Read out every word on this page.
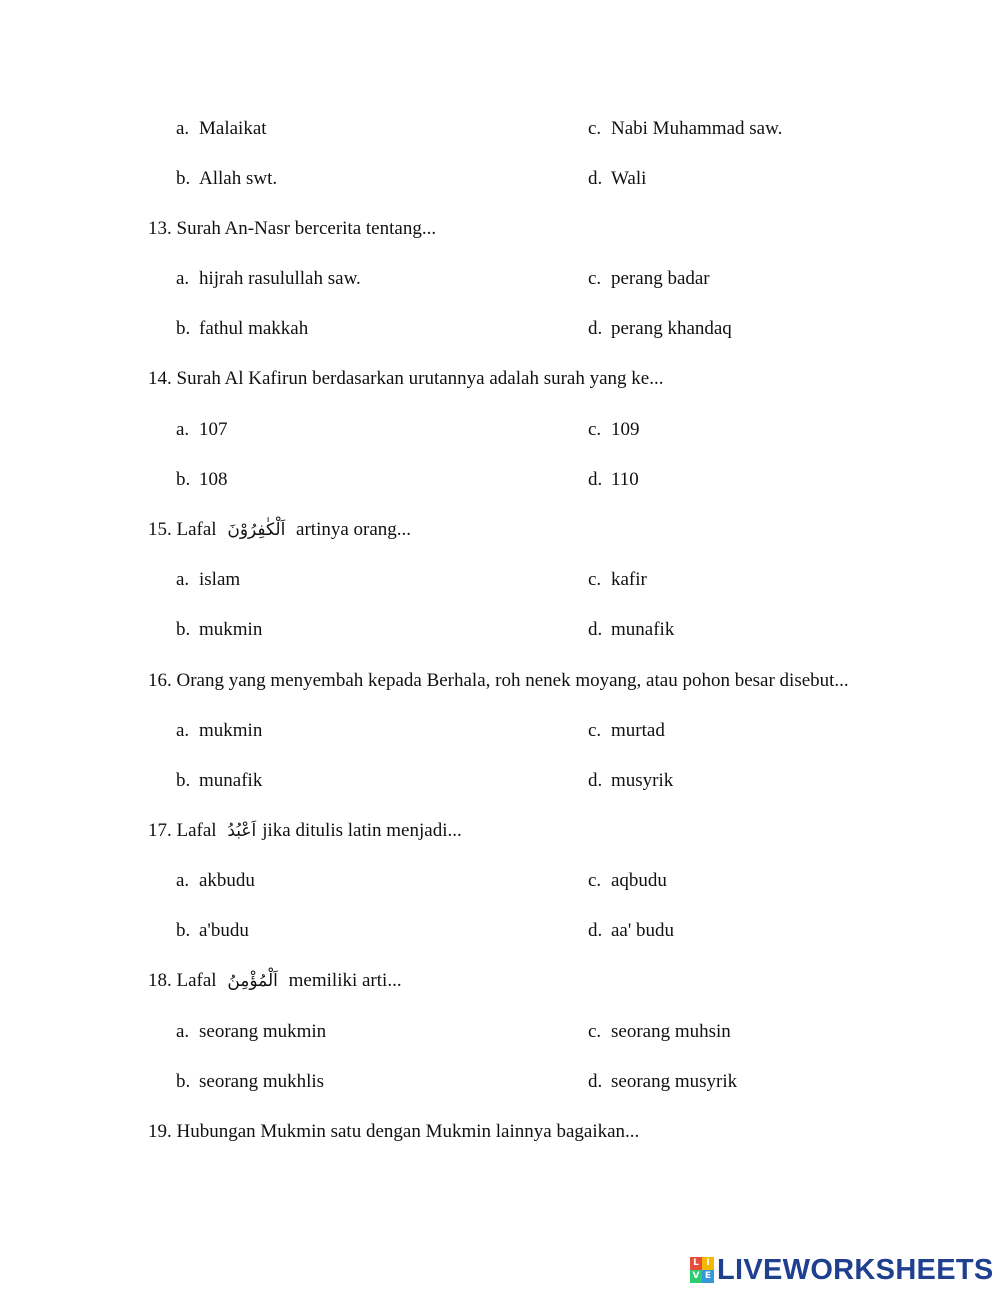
a. Malaikat	c. Nabi Muhammad saw.
b. Allah swt.	d. Wali
13. Surah An-Nasr bercerita tentang...
a. hijrah rasulullah saw.	c. perang badar
b. fathul makkah	d. perang khandaq
14. Surah Al Kafirun berdasarkan urutannya adalah surah yang ke...
a. 107	c. 109
b. 108	d. 110
15. Lafal اَلْكٰفِرُوْنَ artinya orang...
a. islam	c. kafir
b. mukmin	d. munafik
16. Orang yang menyembah kepada Berhala, roh nenek moyang, atau pohon besar disebut...
a. mukmin	c. murtad
b. munafik	d. musyrik
17. Lafal اَعْبُدُ jika ditulis latin menjadi...
a. akbudu	c. aqbudu
b. a'budu	d. aa' budu
18. Lafal اَلْمُؤْمِنُ memiliki arti...
a. seorang mukmin	c. seorang muhsin
b. seorang mukhlis	d. seorang musyrik
19. Hubungan Mukmin satu dengan Mukmin lainnya bagaikan...
L I
V E LIVEWORKSHEETS
